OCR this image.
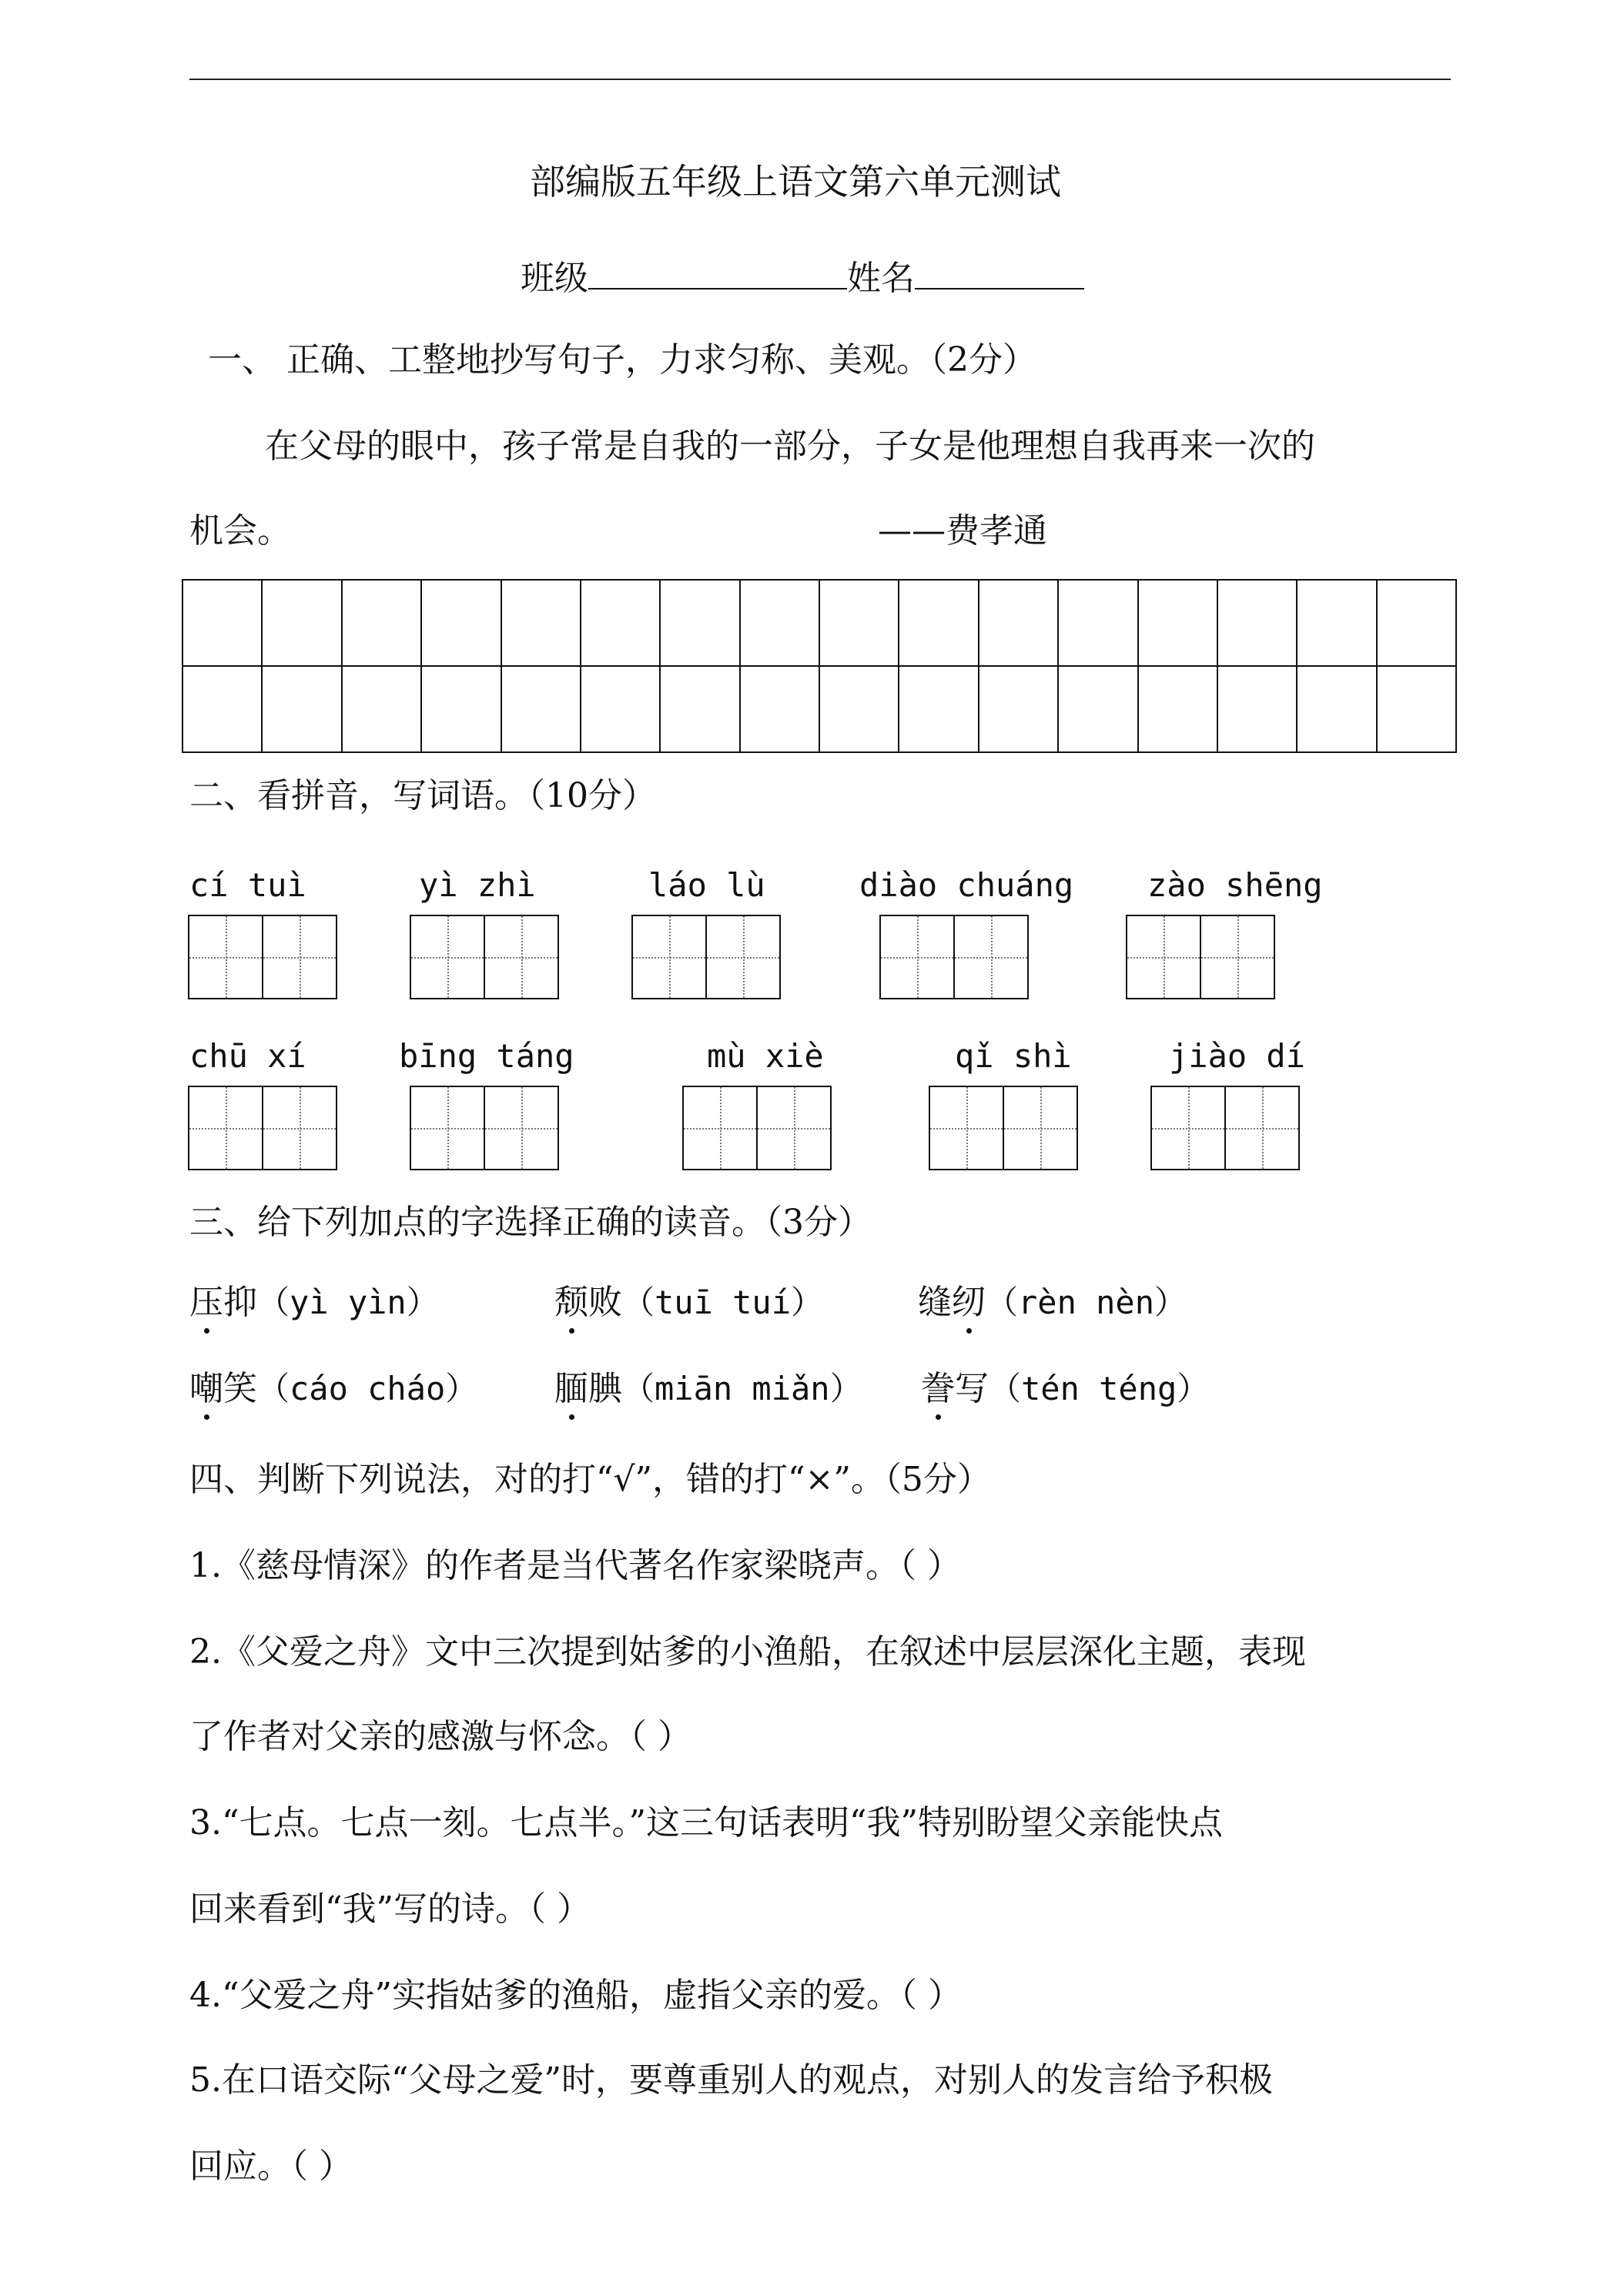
部编版五年级上语文第六单元测试
班级	姓名
一、 正确、工整地抄写句子，力求匀称、美观。（2分）
在父母的眼中，孩子常是自我的一部分，子女是他理想自我再来一次的
机会。	——费孝通
二、看拼音，写词语。（10分）
cí tuì	yì zhì	láo lù	diào chuáng zào shēng
chū xí	bīng táng	mù xiè	qǐ shì	jiào dí
三、给下列加点的字选择正确的读音。（3分）
压抑（yì yìn）	颓败（tuī tuí）	缝纫（rèn nèn）
嘲笑（cáo cháo） 腼腆（miān miǎn） 誊写（tén téng）
四、判断下列说法，对的打“√”，错的打“×”。（5分）
1.《慈母情深》的作者是当代著名作家梁晓声。（ ）
2.《父爱之舟》文中三次提到姑爹的小渔船，在叙述中层层深化主题，表现
了作者对父亲的感激与怀念。（ ）
3.“七点。七点一刻。七点半。”这三句话表明“我”特别盼望父亲能快点
回来看到“我”写的诗。（ ）
4.“父爱之舟”实指姑爹的渔船，虚指父亲的爱。（ ）
5.在口语交际“父母之爱”时，要尊重别人的观点，对别人的发言给予积极
回应。（ ）
